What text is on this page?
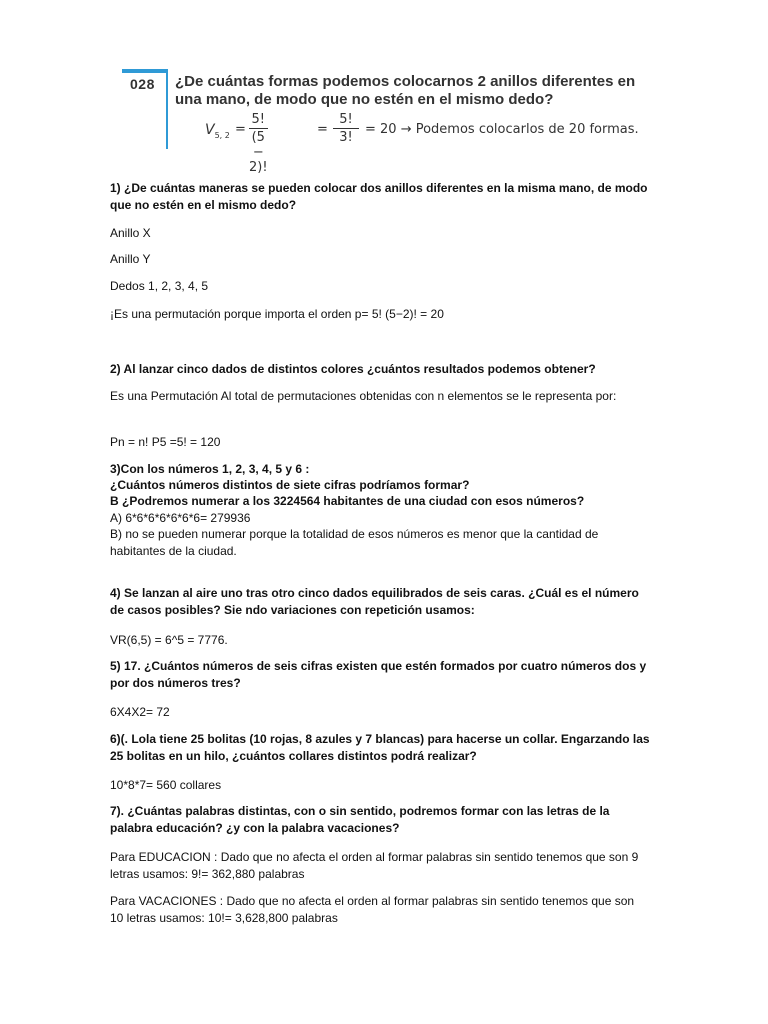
028 ¿De cuántas formas podemos colocarnos 2 anillos diferentes en una mano, de modo que no estén en el mismo dedo?
$V_{5, 2}$ =
5!
(5 − 2)!
=
5!
3!
= 20 → Podemos colocarlos de 20 formas.
1) ¿De cuántas maneras se pueden colocar dos anillos diferentes en la misma mano, de modo que no estén en el mismo dedo?
Anillo X
Anillo Y
Dedos 1, 2, 3, 4, 5
¡Es una permutación porque importa el orden p= 5! (5−2)! = 20
2) Al lanzar cinco dados de distintos colores ¿cuántos resultados podemos obtener?
Es una Permutación Al total de permutaciones obtenidas con n elementos se le representa por:
Pn = n! P5 =5! = 120
3)Con los números 1, 2, 3, 4, 5 y 6 :
¿Cuántos números distintos de siete cifras podríamos formar?
B ¿Podremos numerar a los 3224564 habitantes de una ciudad con esos números?
A) 6*6*6*6*6*6*6= 279936
B) no se pueden numerar porque la totalidad de esos números es menor que la cantidad de habitantes de la ciudad.
4) Se lanzan al aire uno tras otro cinco dados equilibrados de seis caras. ¿Cuál es el número de casos posibles? Sie ndo variaciones con repetición usamos:
VR(6,5) = 6^5 = 7776.
5) 17. ¿Cuántos números de seis cifras existen que estén formados por cuatro números dos y por dos números tres?
6X4X2= 72
6)(. Lola tiene 25 bolitas (10 rojas, 8 azules y 7 blancas) para hacerse un collar. Engarzando las 25 bolitas en un hilo, ¿cuántos collares distintos podrá realizar?
10*8*7= 560 collares
7). ¿Cuántas palabras distintas, con o sin sentido, podremos formar con las letras de la palabra educación? ¿y con la palabra vacaciones?
Para EDUCACION : Dado que no afecta el orden al formar palabras sin sentido tenemos que son 9 letras usamos: 9!= 362,880 palabras
Para VACACIONES : Dado que no afecta el orden al formar palabras sin sentido tenemos que son 10 letras usamos: 10!= 3,628,800 palabras
